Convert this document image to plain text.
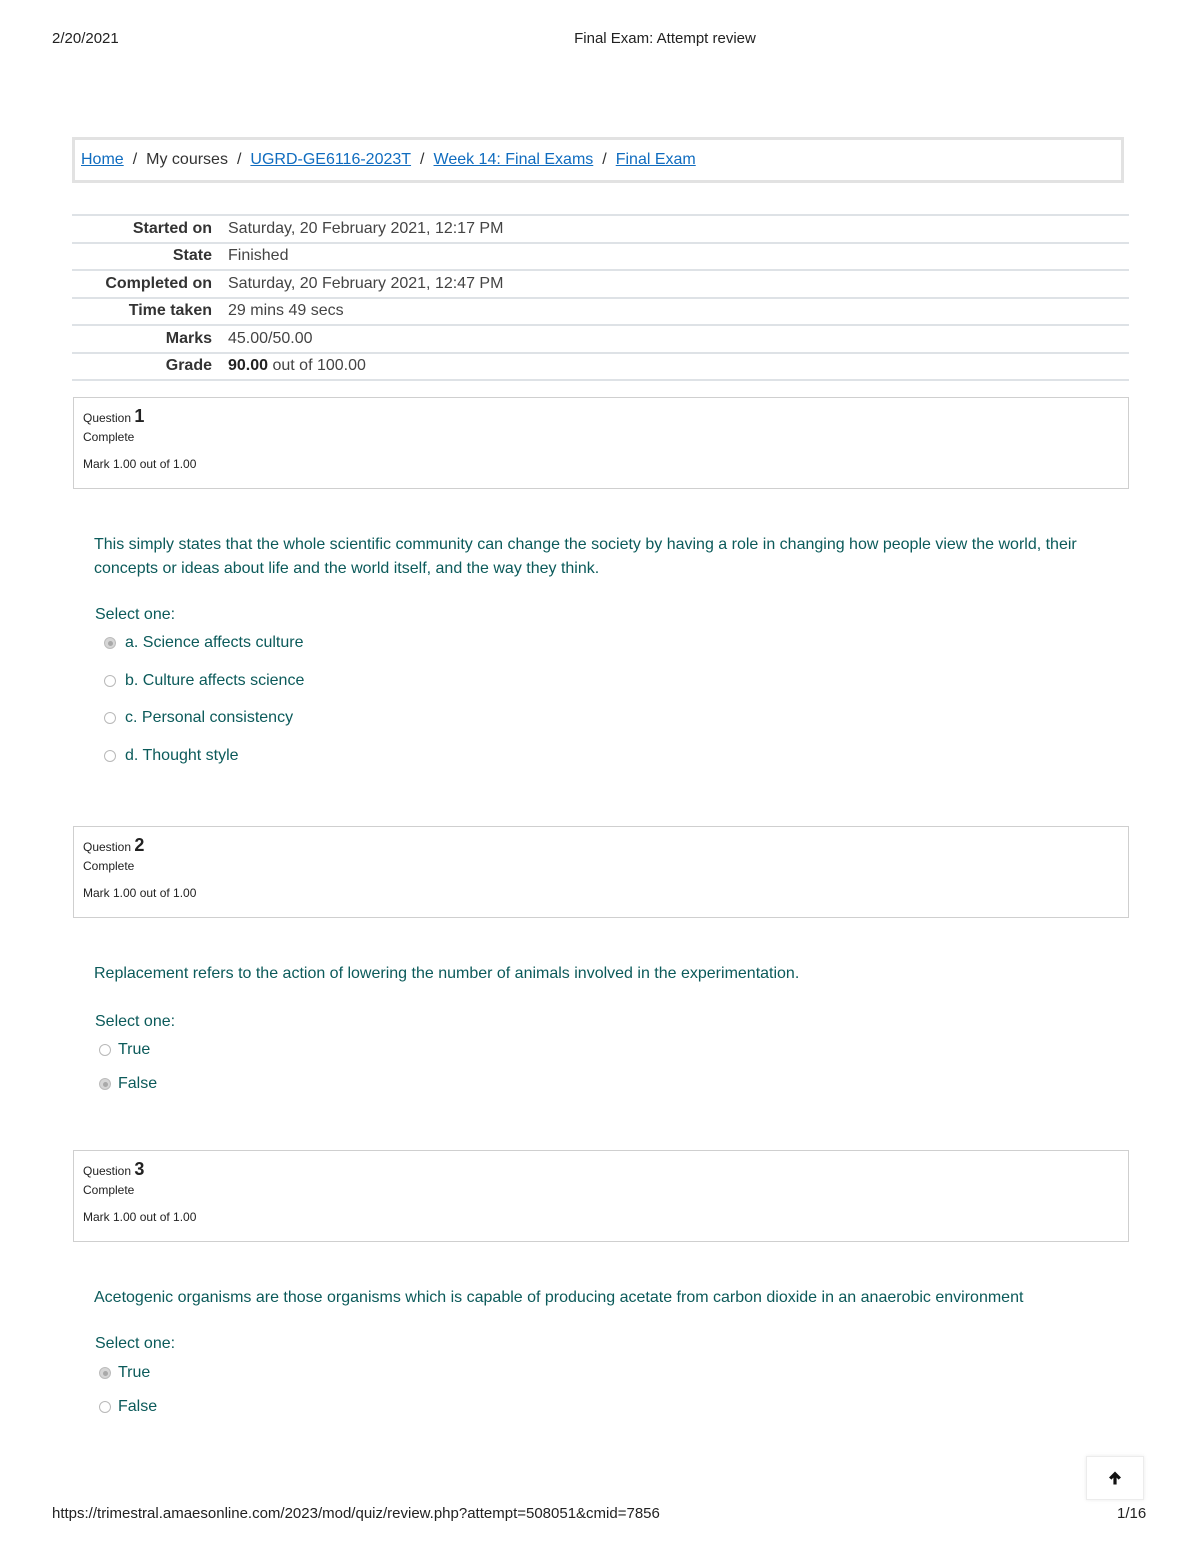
2/20/2021	Final Exam: Attempt review
Home / My courses / UGRD-GE6116-2023T / Week 14: Final Exams / Final Exam
Started on	Saturday, 20 February 2021, 12:17 PM
State	Finished
Completed on	Saturday, 20 February 2021, 12:47 PM
Time taken	29 mins 49 secs
Marks	45.00/50.00
Grade	90.00 out of 100.00
Question 1
Complete
Mark 1.00 out of 1.00
This simply states that the whole scientific community can change the society by having a role in changing how people view the world, their concepts or ideas about life and the world itself, and the way they think.
Select one:
a. Science affects culture
b. Culture affects science
c. Personal consistency
d. Thought style
Question 2
Complete
Mark 1.00 out of 1.00
Replacement refers to the action of lowering the number of animals involved in the experimentation.
Select one:
True
False
Question 3
Complete
Mark 1.00 out of 1.00
Acetogenic organisms are those organisms which is capable of producing acetate from carbon dioxide in an anaerobic environment
Select one:
True
False
https://trimestral.amaesonline.com/2023/mod/quiz/review.php?attempt=508051&cmid=7856	1/16
